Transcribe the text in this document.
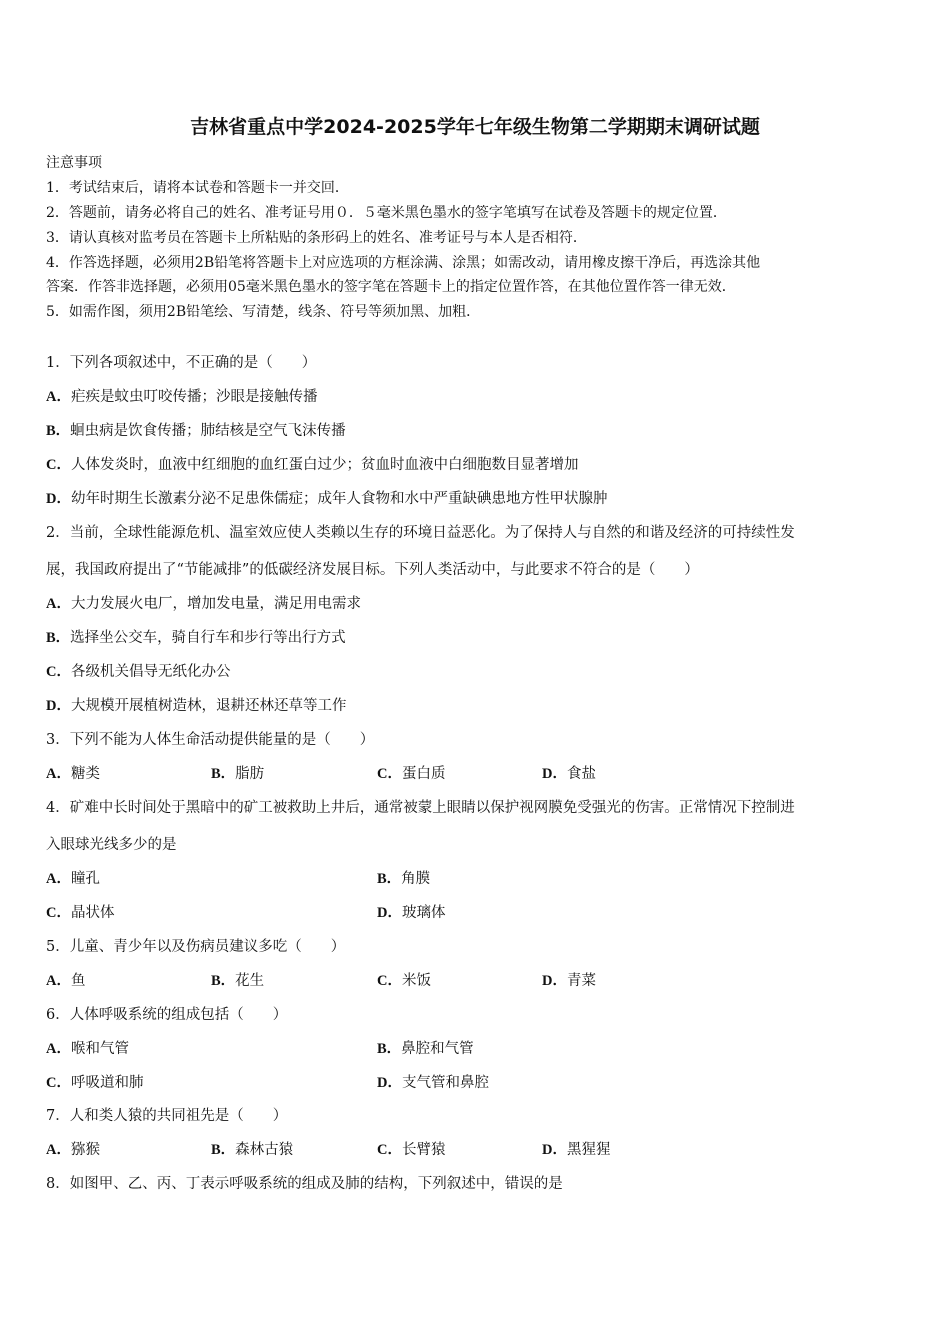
吉林省重点中学2024-2025学年七年级生物第二学期期末调研试题
注意事项
1．考试结束后，请将本试卷和答题卡一并交回．
2．答题前，请务必将自己的姓名、准考证号用０．５毫米黑色墨水的签字笔填写在试卷及答题卡的规定位置．
3．请认真核对监考员在答题卡上所粘贴的条形码上的姓名、准考证号与本人是否相符．
4．作答选择题，必须用2B铅笔将答题卡上对应选项的方框涂满、涂黑；如需改动，请用橡皮擦干净后，再选涂其他
答案．作答非选择题，必须用05毫米黑色墨水的签字笔在答题卡上的指定位置作答，在其他位置作答一律无效．
5．如需作图，须用2B铅笔绘、写清楚，线条、符号等须加黑、加粗．
1．下列各项叙述中，不正确的是（　　）
A．疟疾是蚊虫叮咬传播；沙眼是接触传播
B．蛔虫病是饮食传播；肺结核是空气飞沫传播
C．人体发炎时，血液中红细胞的血红蛋白过少；贫血时血液中白细胞数目显著增加
D．幼年时期生长激素分泌不足患侏儒症；成年人食物和水中严重缺碘患地方性甲状腺肿
2．当前，全球性能源危机、温室效应使人类赖以生存的环境日益恶化。为了保持人与自然的和谐及经济的可持续性发
展，我国政府提出了“节能减排”的低碳经济发展目标。下列人类活动中，与此要求不符合的是（　　）
A．大力发展火电厂，增加发电量，满足用电需求
B．选择坐公交车，骑自行车和步行等出行方式
C．各级机关倡导无纸化办公
D．大规模开展植树造林，退耕还林还草等工作
3．下列不能为人体生命活动提供能量的是（　　）
A．糖类	B．脂肪	C．蛋白质	D．食盐
4．矿难中长时间处于黑暗中的矿工被救助上井后，通常被蒙上眼睛以保护视网膜免受强光的伤害。正常情况下控制进
入眼球光线多少的是
A．瞳孔	B．角膜
C．晶状体	D．玻璃体
5．儿童、青少年以及伤病员建议多吃（　　）
A．鱼	B．花生	C．米饭	D．青菜
6．人体呼吸系统的组成包括（　　）
A．喉和气管	B．鼻腔和气管
C．呼吸道和肺	D．支气管和鼻腔
7．人和类人猿的共同祖先是（　　）
A．猕猴	B．森林古猿	C．长臂猿	D．黑猩猩
8．如图甲、乙、丙、丁表示呼吸系统的组成及肺的结构，下列叙述中，错误的是
